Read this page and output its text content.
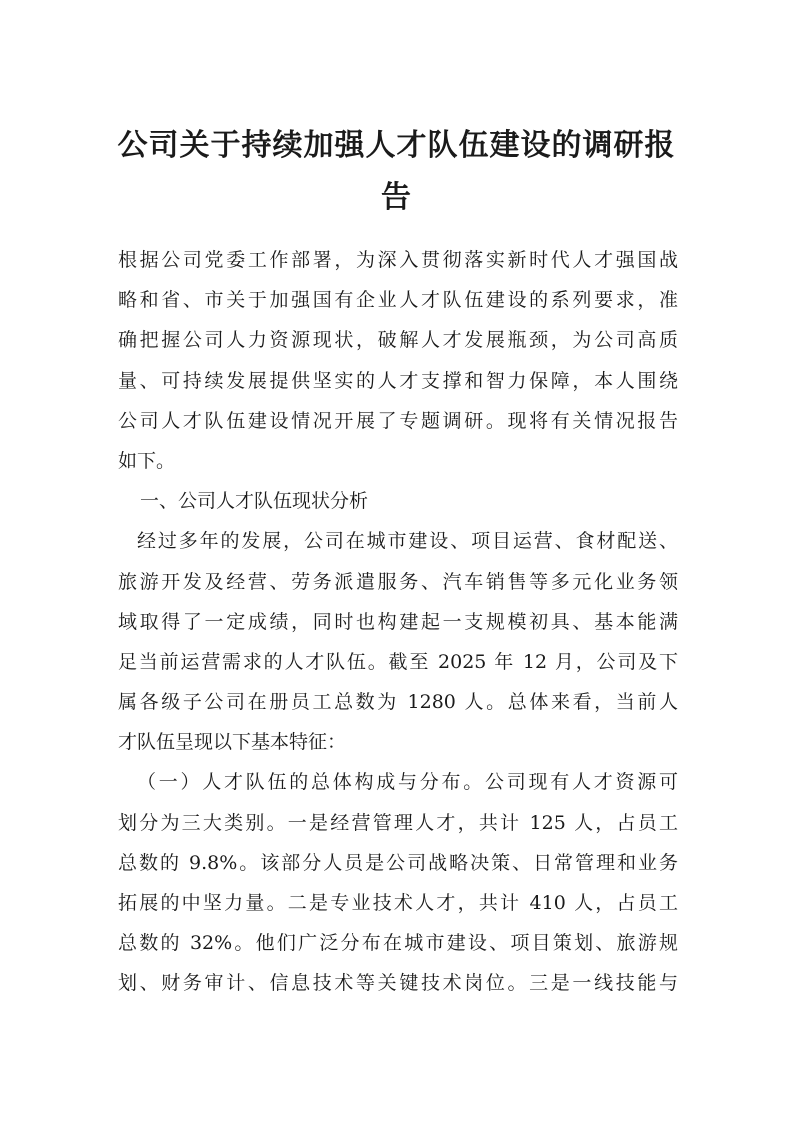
公司关于持续加强人才队伍建设的调研报
告

根据公司党委工作部署，为深入贯彻落实新时代人才强国战
略和省、市关于加强国有企业人才队伍建设的系列要求，准
确把握公司人力资源现状，破解人才发展瓶颈，为公司高质
量、可持续发展提供坚实的人才支撑和智力保障，本人围绕
公司人才队伍建设情况开展了专题调研。现将有关情况报告
如下。

一、公司人才队伍现状分析

经过多年的发展，公司在城市建设、项目运营、食材配送、
旅游开发及经营、劳务派遣服务、汽车销售等多元化业务领
域取得了一定成绩，同时也构建起一支规模初具、基本能满
足当前运营需求的人才队伍。截至 2025 年 12 月，公司及下
属各级子公司在册员工总数为 1280 人。总体来看，当前人
才队伍呈现以下基本特征：

（一）人才队伍的总体构成与分布。公司现有人才资源可
划分为三大类别。一是经营管理人才，共计 125 人，占员工
总数的 9.8%。该部分人员是公司战略决策、日常管理和业务
拓展的中坚力量。二是专业技术人才，共计 410 人，占员工
总数的 32%。他们广泛分布在城市建设、项目策划、旅游规
划、财务审计、信息技术等关键技术岗位。三是一线技能与
